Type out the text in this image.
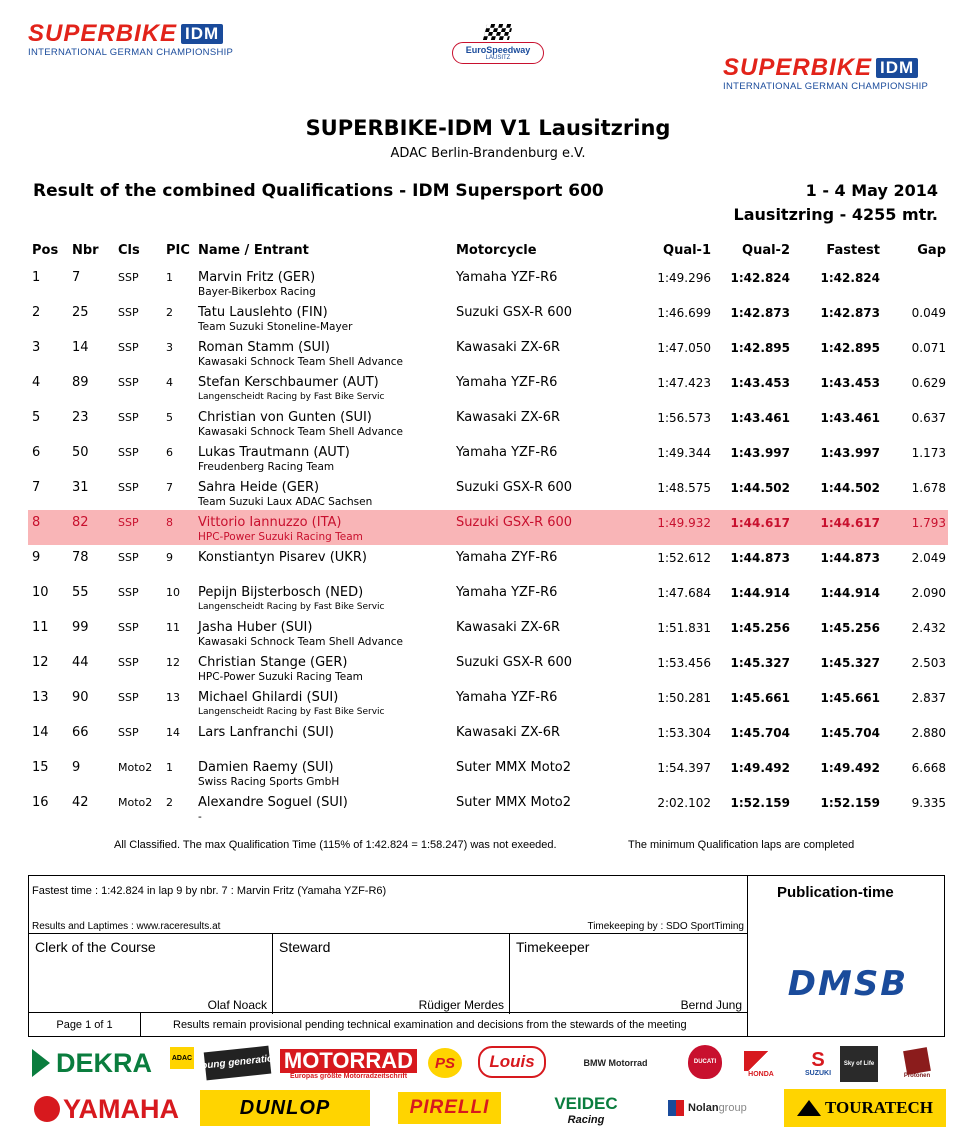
SUPERBIKE IDM
INTERNATIONAL GERMAN CHAMPIONSHIP	EuroSpeedway
LAUSITZ	SUPERBIKE IDM
INTERNATIONAL GERMAN CHAMPIONSHIP
SUPERBIKE-IDM V1 Lausitzring
ADAC Berlin-Brandenburg e.V.
Result of the combined Qualifications - IDM Supersport 600	1 - 4 May 2014
Lausitzring - 4255 mtr.
Pos Nbr Cls PIC Name / Entrant	Motorcycle	Qual-1	Qual-2	Fastest	Gap
1 7	SSP 1 Marvin Fritz (GER)
Bayer-Bikerbox Racing
Yamaha YZF-R6	1:49.296	1:42.824	1:42.824
2 25	SSP 2 Tatu Lauslehto (FIN)
Team Suzuki Stoneline-Mayer
Suzuki GSX-R 600	1:46.699	1:42.873	1:42.873	0.049
3 14	SSP 3 Roman Stamm (SUI)
Kawasaki Schnock Team Shell Advance
Kawasaki ZX-6R	1:47.050	1:42.895	1:42.895	0.071
4 89	SSP 4 Stefan Kerschbaumer (AUT)
Langenscheidt Racing by Fast Bike Servic
Yamaha YZF-R6	1:47.423	1:43.453	1:43.453	0.629
5 23	SSP 5 Christian von Gunten (SUI)
Kawasaki Schnock Team Shell Advance
Kawasaki ZX-6R	1:56.573	1:43.461	1:43.461	0.637
6 50	SSP 6 Lukas Trautmann (AUT)
Freudenberg Racing Team
Yamaha YZF-R6	1:49.344	1:43.997	1:43.997	1.173
7 31	SSP 7 Sahra Heide (GER)
Team Suzuki Laux ADAC Sachsen
Suzuki GSX-R 600	1:48.575	1:44.502	1:44.502	1.678
8 82	SSP 8 Vittorio Iannuzzo (ITA)
HPC-Power Suzuki Racing Team
Suzuki GSX-R 600	1:49.932	1:44.617	1:44.617	1.793
9 78	SSP 9 Konstiantyn Pisarev (UKR)	Yamaha ZYF-R6	1:52.612	1:44.873	1:44.873	2.049
10 55	SSP 10 Pepijn Bijsterbosch (NED)
Langenscheidt Racing by Fast Bike Servic
Yamaha YZF-R6	1:47.684	1:44.914	1:44.914	2.090
11 99	SSP 11 Jasha Huber (SUI)
Kawasaki Schnock Team Shell Advance
Kawasaki ZX-6R	1:51.831	1:45.256	1:45.256	2.432
12 44	SSP 12 Christian Stange (GER)
HPC-Power Suzuki Racing Team
Suzuki GSX-R 600	1:53.456	1:45.327	1:45.327	2.503
13 90	SSP 13 Michael Ghilardi (SUI)
Langenscheidt Racing by Fast Bike Servic
Yamaha YZF-R6	1:50.281	1:45.661	1:45.661	2.837
14 66	SSP 14 Lars Lanfranchi (SUI)	Kawasaki ZX-6R	1:53.304	1:45.704	1:45.704	2.880
15 9	Moto2 1 Damien Raemy (SUI)
Swiss Racing Sports GmbH
Suter MMX Moto2	1:54.397	1:49.492	1:49.492	6.668
16 42	Moto2 2 Alexandre Soguel (SUI)
-
Suter MMX Moto2	2:02.102	1:52.159	1:52.159	9.335
All Classified. The max Qualification Time (115% of 1:42.824 = 1:58.247) was not exeeded.	The minimum Qualification laps are completed
Fastest time : 1:42.824 in lap 9 by nbr. 7 : Marvin Fritz (Yamaha YZF-R6)	Publication-time
Results and Laptimes : www.raceresults.at	Timekeeping by : SDO SportTiming
Clerk of the Course
Olaf Noack
Steward
Rüdiger Merdes
Timekeeper
Bernd Jung
Page 1 of 1	Results remain provisional pending technical examination and decisions from the stewards of the meeting
DMSB
DEKRA	ADAC young generation MOTORRAD
Europas größte Motorradzeitschrift
PS	Louis	BMW Motorrad	DUCATI
HONDA
S
SUZUKI
Sky of Life
Protonen
YAMAHA	DUNLOP	PIRELLI	VEIDEC
Racing
Nolan group	TOURATECH
